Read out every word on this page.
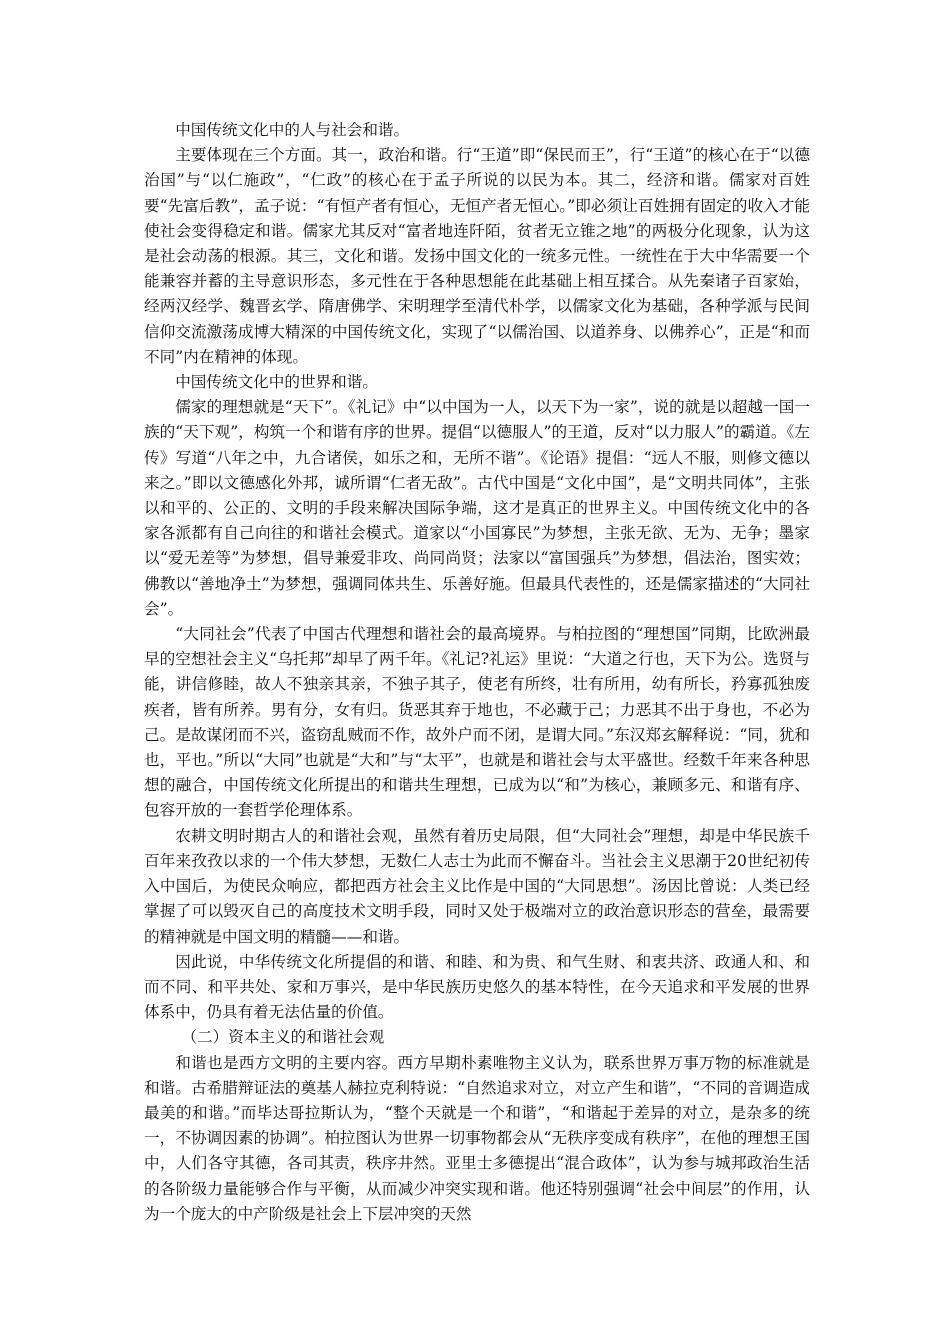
中国传统文化中的人与社会和谐。

主要体现在三个方面。其一，政治和谐。行“王道”即“保民而王”，行“王道”的核心在于“以德治国”与“以仁施政”，“仁政”的核心在于孟子所说的以民为本。其二，经济和谐。儒家对百姓要“先富后教”，孟子说：“有恒产者有恒心，无恒产者无恒心。”即必须让百姓拥有固定的收入才能使社会变得稳定和谐。儒家尤其反对“富者地连阡陌，贫者无立锥之地”的两极分化现象，认为这是社会动荡的根源。其三，文化和谐。发扬中国文化的一统多元性。一统性在于大中华需要一个能兼容并蓄的主导意识形态，多元性在于各种思想能在此基础上相互揉合。从先秦诸子百家始，经两汉经学、魏晋玄学、隋唐佛学、宋明理学至清代朴学，以儒家文化为基础，各种学派与民间信仰交流激荡成博大精深的中国传统文化，实现了“以儒治国、以道养身、以佛养心”，正是“和而不同”内在精神的体现。

中国传统文化中的世界和谐。

儒家的理想就是“天下”。《礼记》中“以中国为一人，以天下为一家”，说的就是以超越一国一族的“天下观”，构筑一个和谐有序的世界。提倡“以德服人”的王道，反对“以力服人”的霸道。《左传》写道“八年之中，九合诸侯，如乐之和，无所不谐”。《论语》提倡：“远人不服，则修文德以来之。”即以文德感化外邦，诚所谓“仁者无敌”。古代中国是“文化中国”，是“文明共同体”，主张以和平的、公正的、文明的手段来解决国际争端，这才是真正的世界主义。中国传统文化中的各家各派都有自己向往的和谐社会模式。道家以“小国寡民”为梦想，主张无欲、无为、无争；墨家以“爱无差等”为梦想，倡导兼爱非攻、尚同尚贤；法家以“富国强兵”为梦想，倡法治，图实效；佛教以“善地净土”为梦想，强调同体共生、乐善好施。但最具代表性的，还是儒家描述的“大同社会”。

“大同社会”代表了中国古代理想和谐社会的最高境界。与柏拉图的“理想国”同期，比欧洲最早的空想社会主义“乌托邦”却早了两千年。《礼记?礼运》里说：“大道之行也，天下为公。选贤与能，讲信修睦，故人不独亲其亲，不独子其子，使老有所终，壮有所用，幼有所长，矜寡孤独废疾者，皆有所养。男有分，女有归。货恶其弃于地也，不必藏于己；力恶其不出于身也，不必为己。是故谋闭而不兴，盗窃乱贼而不作，故外户而不闭，是谓大同。”东汉郑玄解释说：“同，犹和也，平也。”所以“大同”也就是“大和”与“太平”，也就是和谐社会与太平盛世。经数千年来各种思想的融合，中国传统文化所提出的和谐共生理想，已成为以“和”为核心，兼顾多元、和谐有序、包容开放的一套哲学伦理体系。

农耕文明时期古人的和谐社会观，虽然有着历史局限，但“大同社会”理想，却是中华民族千百年来孜孜以求的一个伟大梦想，无数仁人志士为此而不懈奋斗。当社会主义思潮于20世纪初传入中国后，为使民众响应，都把西方社会主义比作是中国的“大同思想”。汤因比曾说：人类已经掌握了可以毁灭自己的高度技术文明手段，同时又处于极端对立的政治意识形态的营垒，最需要的精神就是中国文明的精髓——和谐。

因此说，中华传统文化所提倡的和谐、和睦、和为贵、和气生财、和衷共济、政通人和、和而不同、和平共处、家和万事兴，是中华民族历史悠久的基本特性，在今天追求和平发展的世界体系中，仍具有着无法估量的价值。

（二）资本主义的和谐社会观

和谐也是西方文明的主要内容。西方早期朴素唯物主义认为，联系世界万事万物的标准就是和谐。古希腊辩证法的奠基人赫拉克利特说：“自然追求对立，对立产生和谐”，“不同的音调造成最美的和谐。”而毕达哥拉斯认为，“整个天就是一个和谐”，“和谐起于差异的对立，是杂多的统一，不协调因素的协调”。柏拉图认为世界一切事物都会从“无秩序变成有秩序”，在他的理想王国中，人们各守其德，各司其责，秩序井然。亚里士多德提出“混合政体”，认为参与城邦政治生活的各阶级力量能够合作与平衡，从而减少冲突实现和谐。他还特别强调“社会中间层”的作用，认为一个庞大的中产阶级是社会上下层冲突的天然
